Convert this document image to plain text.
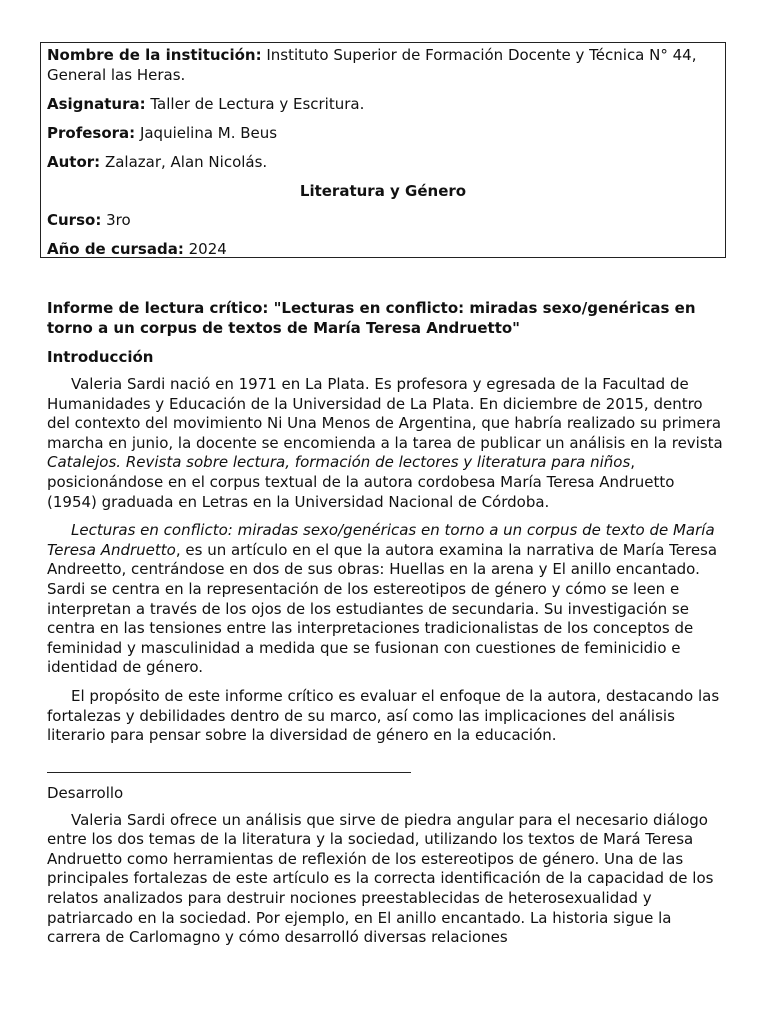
Nombre de la institución: Instituto Superior de Formación Docente y Técnica N° 44, General las Heras.
Asignatura: Taller de Lectura y Escritura.
Profesora: Jaquielina M. Beus
Autor: Zalazar, Alan Nicolás.
Literatura y Género
Curso: 3ro
Año de cursada: 2024
Informe de lectura crítico: "Lecturas en conflicto: miradas sexo/genéricas en torno a un corpus de textos de María Teresa Andruetto"
Introducción

Valeria Sardi nació en 1971 en La Plata. Es profesora y egresada de la Facultad de Humanidades y Educación de la Universidad de La Plata. En diciembre de 2015, dentro del contexto del movimiento Ni Una Menos de Argentina, que habría realizado su primera marcha en junio, la docente se encomienda a la tarea de publicar un análisis en la revista Catalejos. Revista sobre lectura, formación de lectores y literatura para niños, posicionándose en el corpus textual de la autora cordobesa María Teresa Andruetto (1954) graduada en Letras en la Universidad Nacional de Córdoba.

Lecturas en conflicto: miradas sexo/genéricas en torno a un corpus de texto de María Teresa Andruetto, es un artículo en el que la autora examina la narrativa de María Teresa Andreetto, centrándose en dos de sus obras: Huellas en la arena y El anillo encantado. Sardi se centra en la representación de los estereotipos de género y cómo se leen e interpretan a través de los ojos de los estudiantes de secundaria. Su investigación se centra en las tensiones entre las interpretaciones tradicionalistas de los conceptos de feminidad y masculinidad a medida que se fusionan con cuestiones de feminicidio e identidad de género.

El propósito de este informe crítico es evaluar el enfoque de la autora, destacando las fortalezas y debilidades dentro de su marco, así como las implicaciones del análisis literario para pensar sobre la diversidad de género en la educación.

Desarrollo

Valeria Sardi ofrece un análisis que sirve de piedra angular para el necesario diálogo entre los dos temas de la literatura y la sociedad, utilizando los textos de Mará Teresa Andruetto como herramientas de reflexión de los estereotipos de género. Una de las principales fortalezas de este artículo es la correcta identificación de la capacidad de los relatos analizados para destruir nociones preestablecidas de heterosexualidad y patriarcado en la sociedad. Por ejemplo, en El anillo encantado. La historia sigue la carrera de Carlomagno y cómo desarrolló diversas relaciones
